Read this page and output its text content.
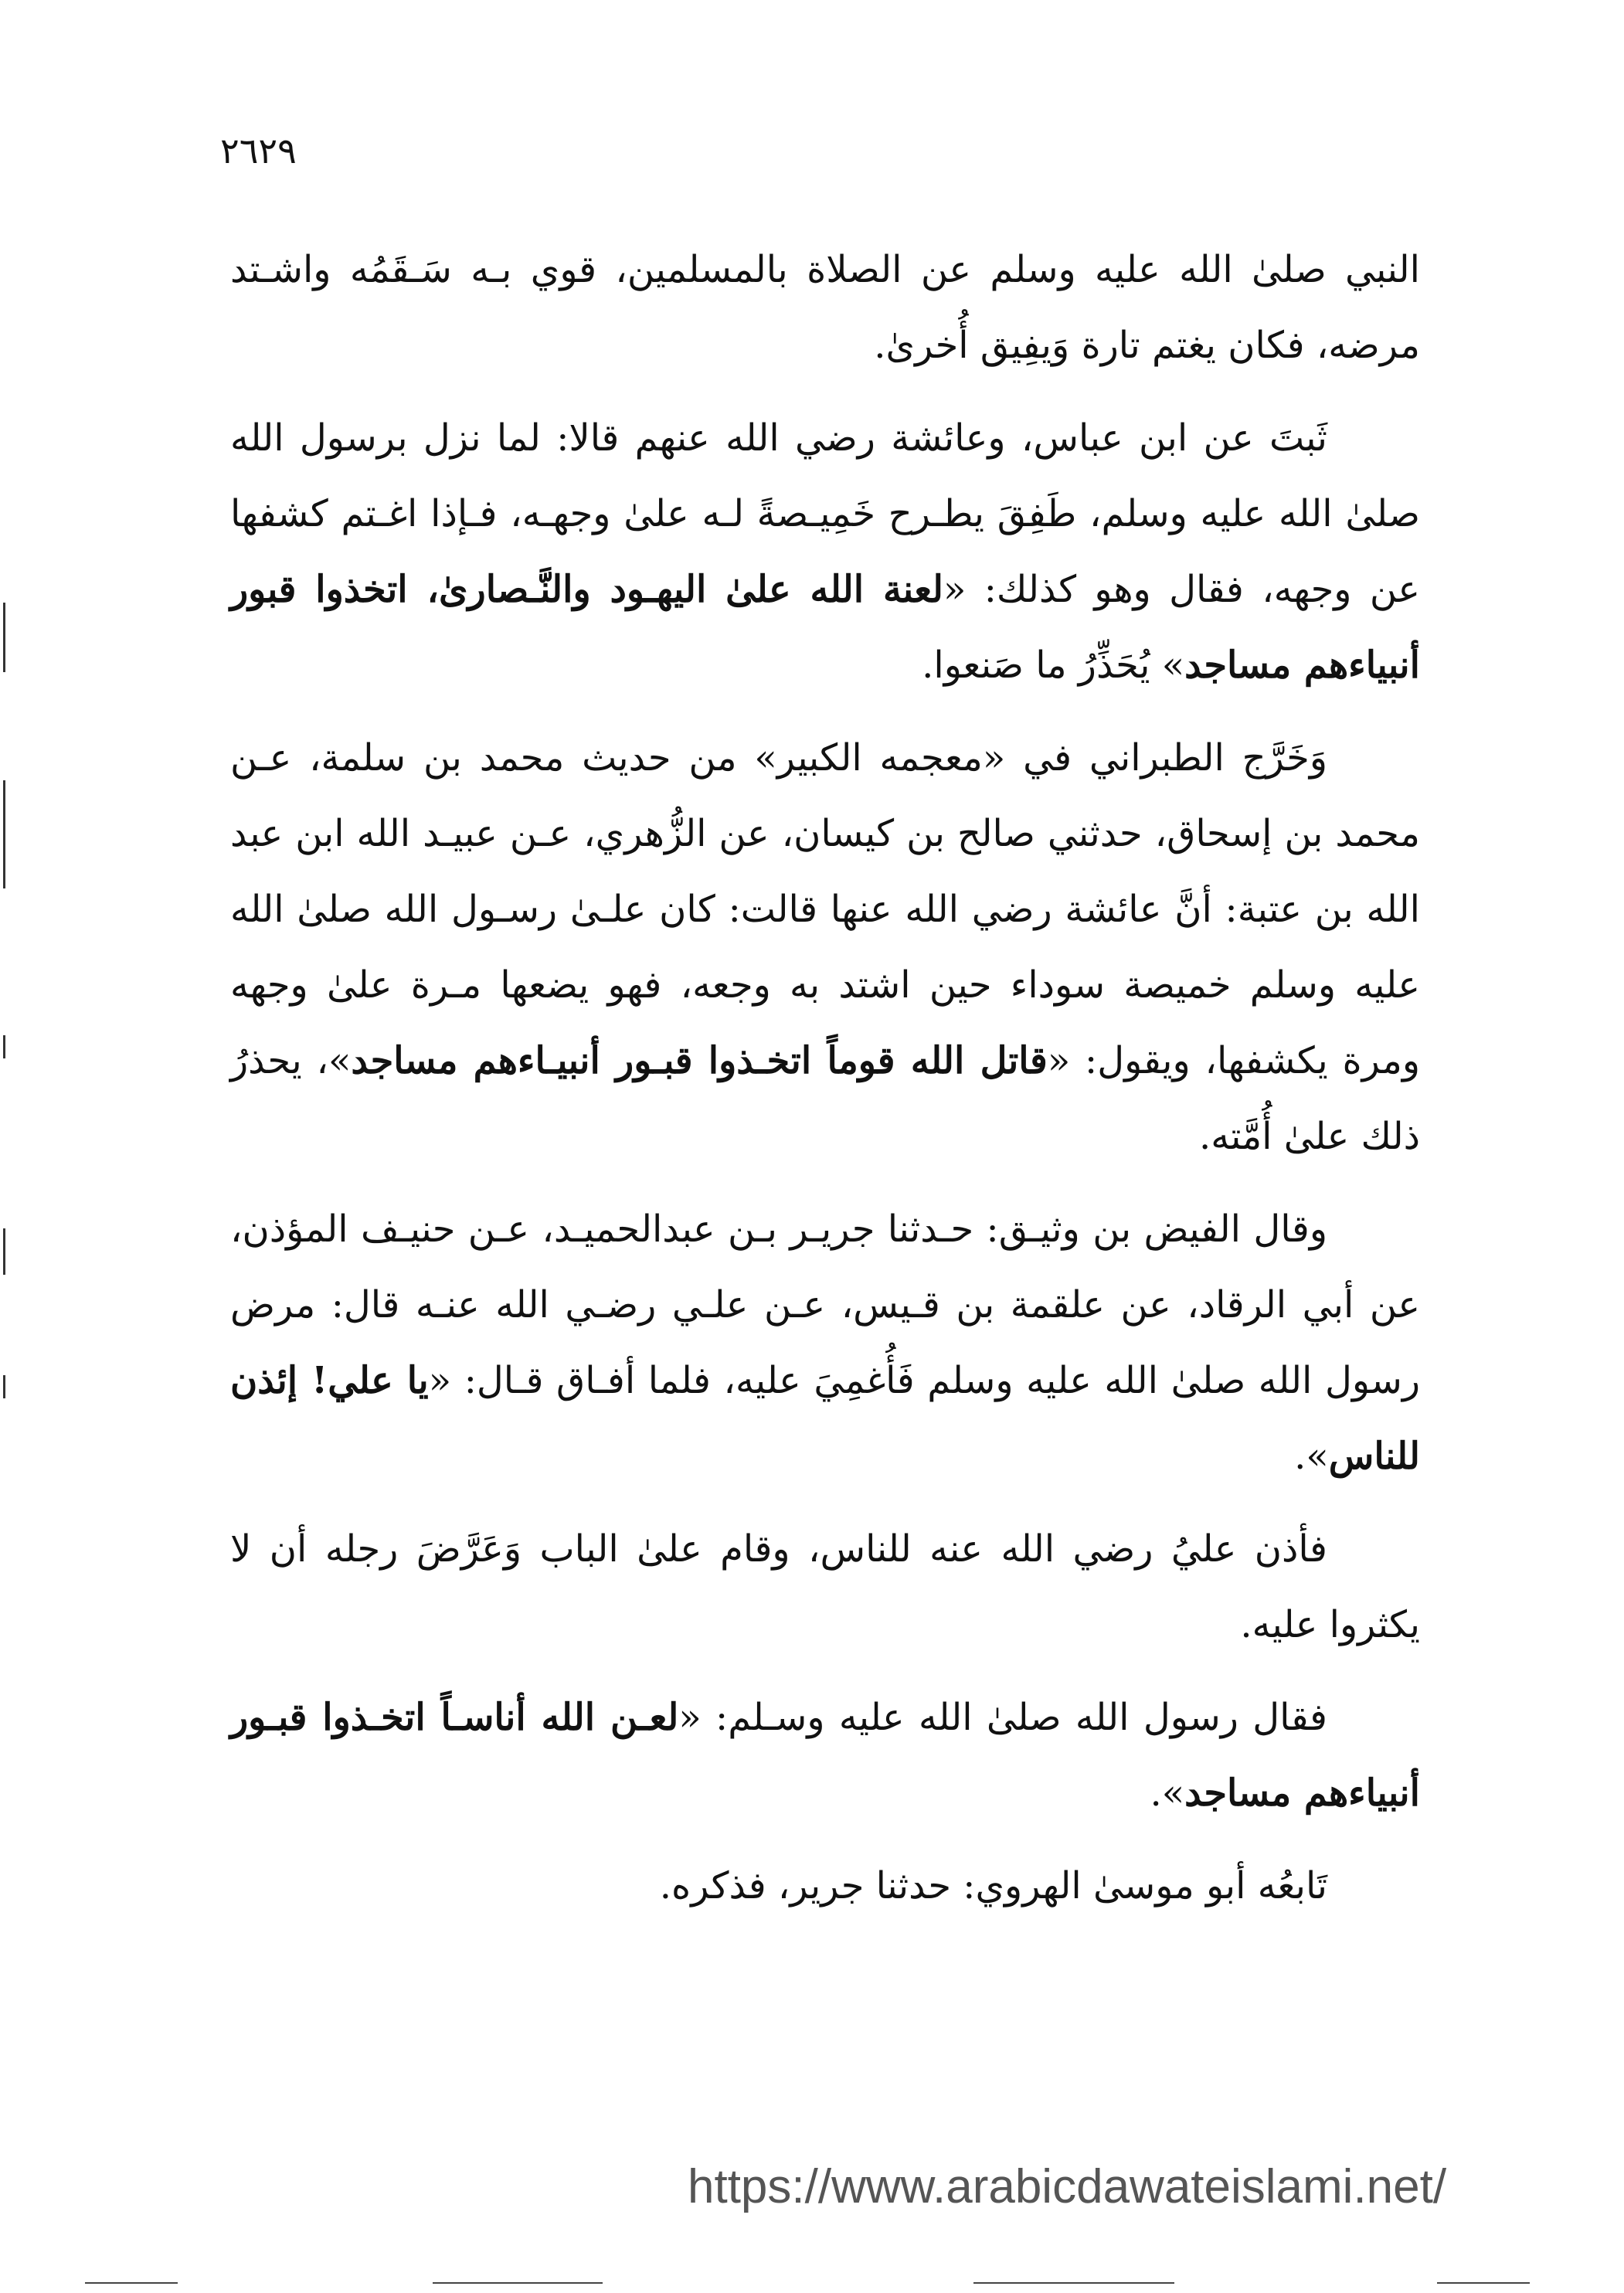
٢٦٢٩

النبي صلىٰ الله عليه وسلم عن الصلاة بالمسلمين، قوي بـه سَـقَمُه واشـتد مرضه، فكان يغتم تارة وَيفِيق أُخرىٰ.

ثَبتَ عن ابن عباس، وعائشة رضي الله عنهم قالا: لما نزل برسول الله صلىٰ الله عليه وسلم، طَفِقَ يطـرح خَمِيـصةً لـه علىٰ وجهـه، فـإذا اغـتم كشفها عن وجهه، فقال وهو كذلك: «لعنة الله علىٰ اليهـود والنَّـصارىٰ، اتخذوا قبور أنبياءهم مساجد» يُحَذِّرُ ما صَنعوا.

وَخَرَّج الطبراني في «معجمه الكبير» من حديث محمد بن سلمة، عـن محمد بن إسحاق، حدثني صالح بن كيسان، عن الزُّهري، عـن عبيـد الله ابن عبد الله بن عتبة: أنَّ عائشة رضي الله عنها قالت: كان علـىٰ رسـول الله صلىٰ الله عليه وسلم خميصة سوداء حين اشتد به وجعه، فهو يضعها مـرة علىٰ وجهه ومرة يكشفها، ويقول: «قاتل الله قوماً اتخـذوا قبـور أنبيـاءهم مساجد»، يحذرُ ذلك علىٰ أُمَّته.

وقال الفيض بن وثيـق: حـدثنا جريـر بـن عبدالحميـد، عـن حنيـف المؤذن، عن أبي الرقاد، عن علقمة بن قـيس، عـن علـي رضـي الله عنـه قال: مرض رسول الله صلىٰ الله عليه وسلم فَأُغمِيَ عليه، فلما أفـاق قـال: «يا علي! إئذن للناس».

فأذن عليُ رضي الله عنه للناس، وقام علىٰ الباب وَعَرَّضَ رجله أن لا يكثروا عليه.

فقال رسول الله صلىٰ الله عليه وسـلم: «لعـن الله أناسـاً اتخـذوا قبـور أنبياءهم مساجد».

تَابعُه أبو موسىٰ الهروي: حدثنا جرير، فذكره.

https://www.arabicdawateislami.net/
